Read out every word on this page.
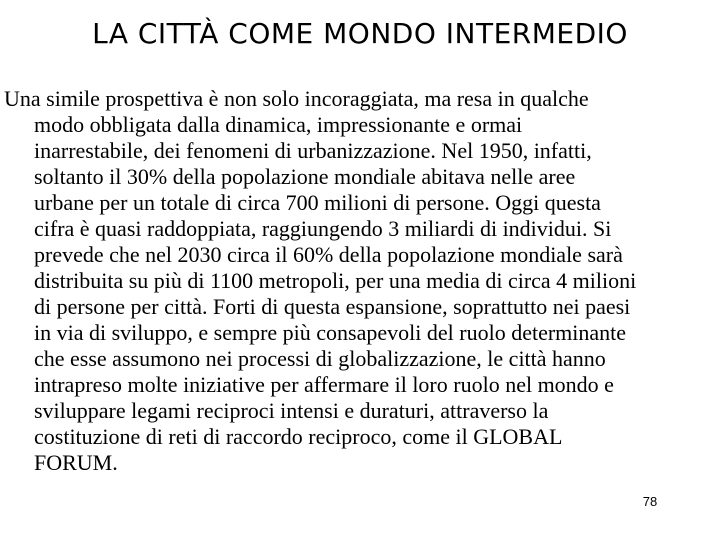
LA CITTÀ COME MONDO INTERMEDIO
Una simile prospettiva è non solo incoraggiata, ma resa in qualche
modo obbligata dalla dinamica, impressionante e ormai
inarrestabile, dei fenomeni di urbanizzazione. Nel 1950, infatti,
soltanto il 30% della popolazione mondiale abitava nelle aree
urbane per un totale di circa 700 milioni di persone. Oggi questa
cifra è quasi raddoppiata, raggiungendo 3 miliardi di individui. Si
prevede che nel 2030 circa il 60% della popolazione mondiale sarà
distribuita su più di 1100 metropoli, per una media di circa 4 milioni
di persone per città. Forti di questa espansione, soprattutto nei paesi
in via di sviluppo, e sempre più consapevoli del ruolo determinante
che esse assumono nei processi di globalizzazione, le città hanno
intrapreso molte iniziative per affermare il loro ruolo nel mondo e
sviluppare legami reciproci intensi e duraturi, attraverso la
costituzione di reti di raccordo reciproco, come il GLOBAL
FORUM.
78
